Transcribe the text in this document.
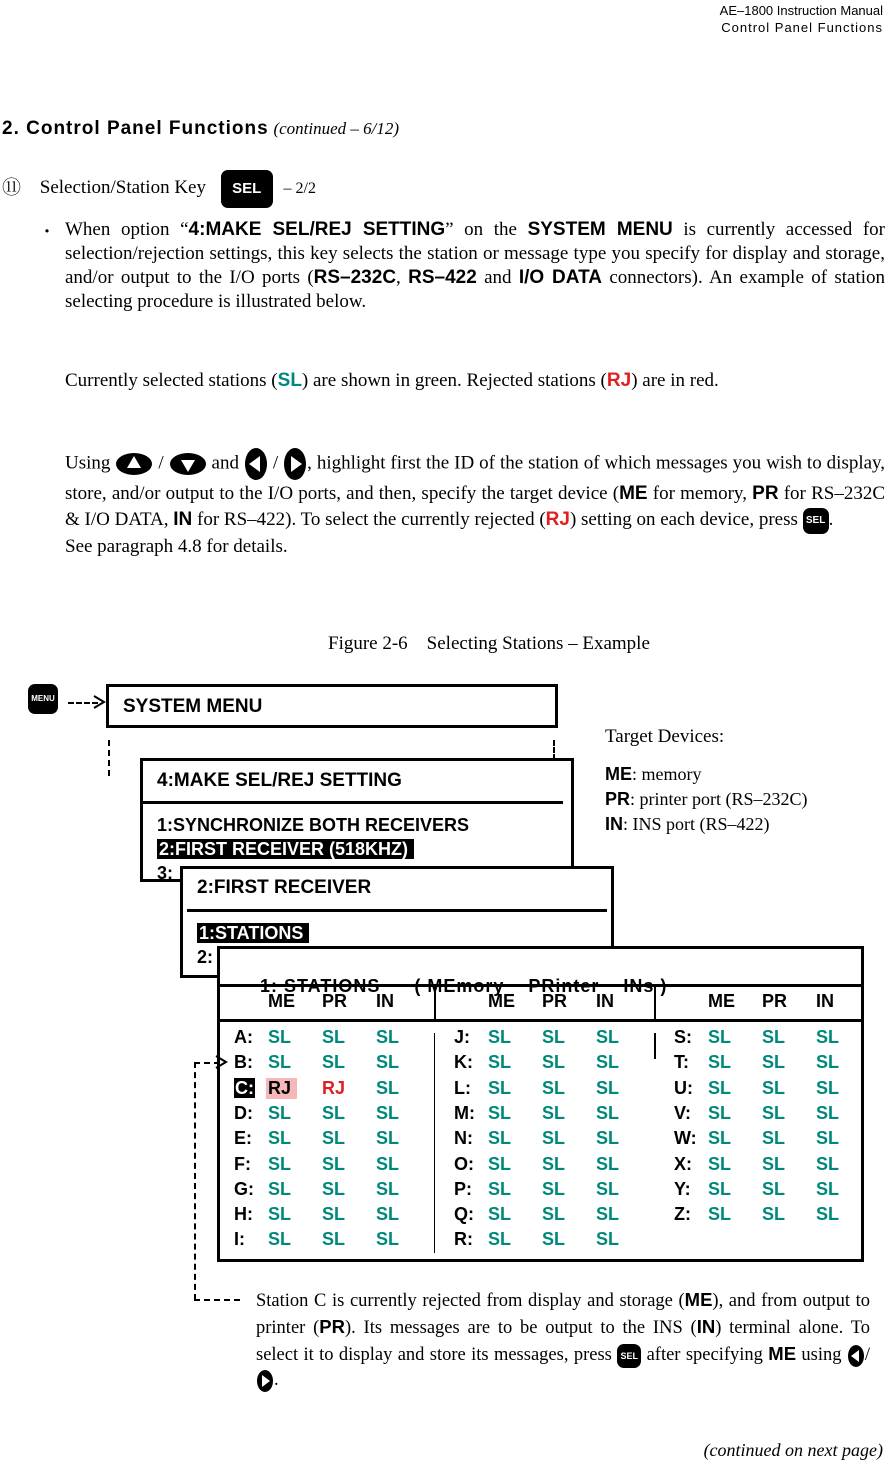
AE–1800 Instruction Manual
Control Panel Functions
2. Control Panel Functions (continued – 6/12)
⑪ Selection/Station Key SEL – 2/2
・ When option “4:MAKE SEL/REJ SETTING” on the SYSTEM MENU is currently accessed for selection/rejection settings, this key selects the station or message type you specify for display and storage, and/or output to the I/O ports (RS–232C, RS–422 and I/O DATA connectors). An example of station selecting procedure is illustrated below.
Currently selected stations (SL) are shown in green. Rejected stations (RJ) are in red.
Using  /	and  / , highlight first the ID of the station of which messages you wish to display, store, and/or output to the I/O ports, and then, specify the target device (ME for memory, PR for RS–232C & I/O DATA, IN for RS–422). To select the currently rejected (RJ) setting on each device, press SEL .
See paragraph 4.8 for details.
Figure 2-6    Selecting Stations – Example
MENU	SYSTEM MENU
Target Devices:
ME: memory
PR: printer port (RS–232C)
IN: INS port (RS–422)
4:MAKE SEL/REJ SETTING
1:SYNCHRONIZE BOTH RECEIVERS
2:FIRST RECEIVER (518KHZ)
3:
2:FIRST RECEIVER
1:STATIONS
2:

ME PR IN
A: SL SL SL
B: SL SL SL
C: RJ	RJ SL
D: SL SL SL
E: SL SL SL
F: SL SL SL
G: SL SL SL
H: SL SL SL
I: SL SL SL
ME PR IN
J: SL SL SL
K: SL SL SL
L: SL SL SL
M: SL SL SL
N: SL SL SL
O: SL SL SL
P: SL SL SL
Q: SL SL SL
R: SL SL SL
ME PR IN
S: SL SL SL
T: SL SL SL
U: SL SL SL
V: SL SL SL
W: SL SL SL
X: SL SL SL
Y: SL SL SL
Z: SL SL SL
Station C is currently rejected from display and storage (ME), and from output to printer (PR). Its messages are to be output to the INS (IN) terminal alone. To select it to display and store its messages, press SEL after specifying ME using /.
(continued on next page)
